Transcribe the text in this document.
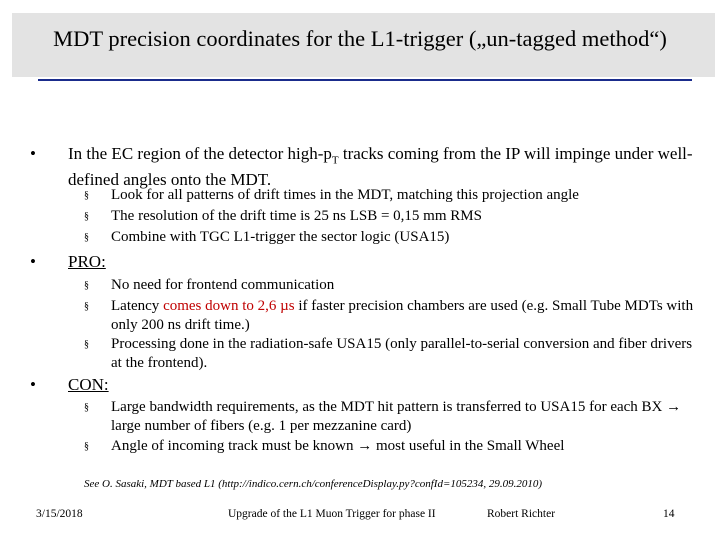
MDT precision coordinates for the L1-trigger („un-tagged method“)
• In the EC region of the detector high-$p_T$ tracks coming from the IP will impinge under well-defined angles onto the MDT.
§ Look for all patterns of drift times in the MDT, matching this projection angle
§ The resolution of the drift time is 25 ns LSB = 0,15 mm RMS
§ Combine with TGC L1-trigger the sector logic (USA15)
• PRO:
§ No need for frontend communication
§ Latency comes down to 2,6 µs if faster precision chambers are used (e.g. Small Tube MDTs with only 200 ns drift time.)
§ Processing done in the radiation-safe USA15 (only parallel-to-serial conversion and fiber drivers at the frontend).
• CON:
§ Large bandwidth requirements, as the MDT hit pattern is transferred to USA15 for each BX → large number of fibers (e.g. 1 per mezzanine card)
§ Angle of incoming track must be known → most useful in the Small Wheel
See O. Sasaki, MDT based L1 (http://indico.cern.ch/conferenceDisplay.py?confId=105234, 29.09.2010)
3/15/2018	Upgrade of the L1 Muon Trigger for phase II	Robert Richter	14
